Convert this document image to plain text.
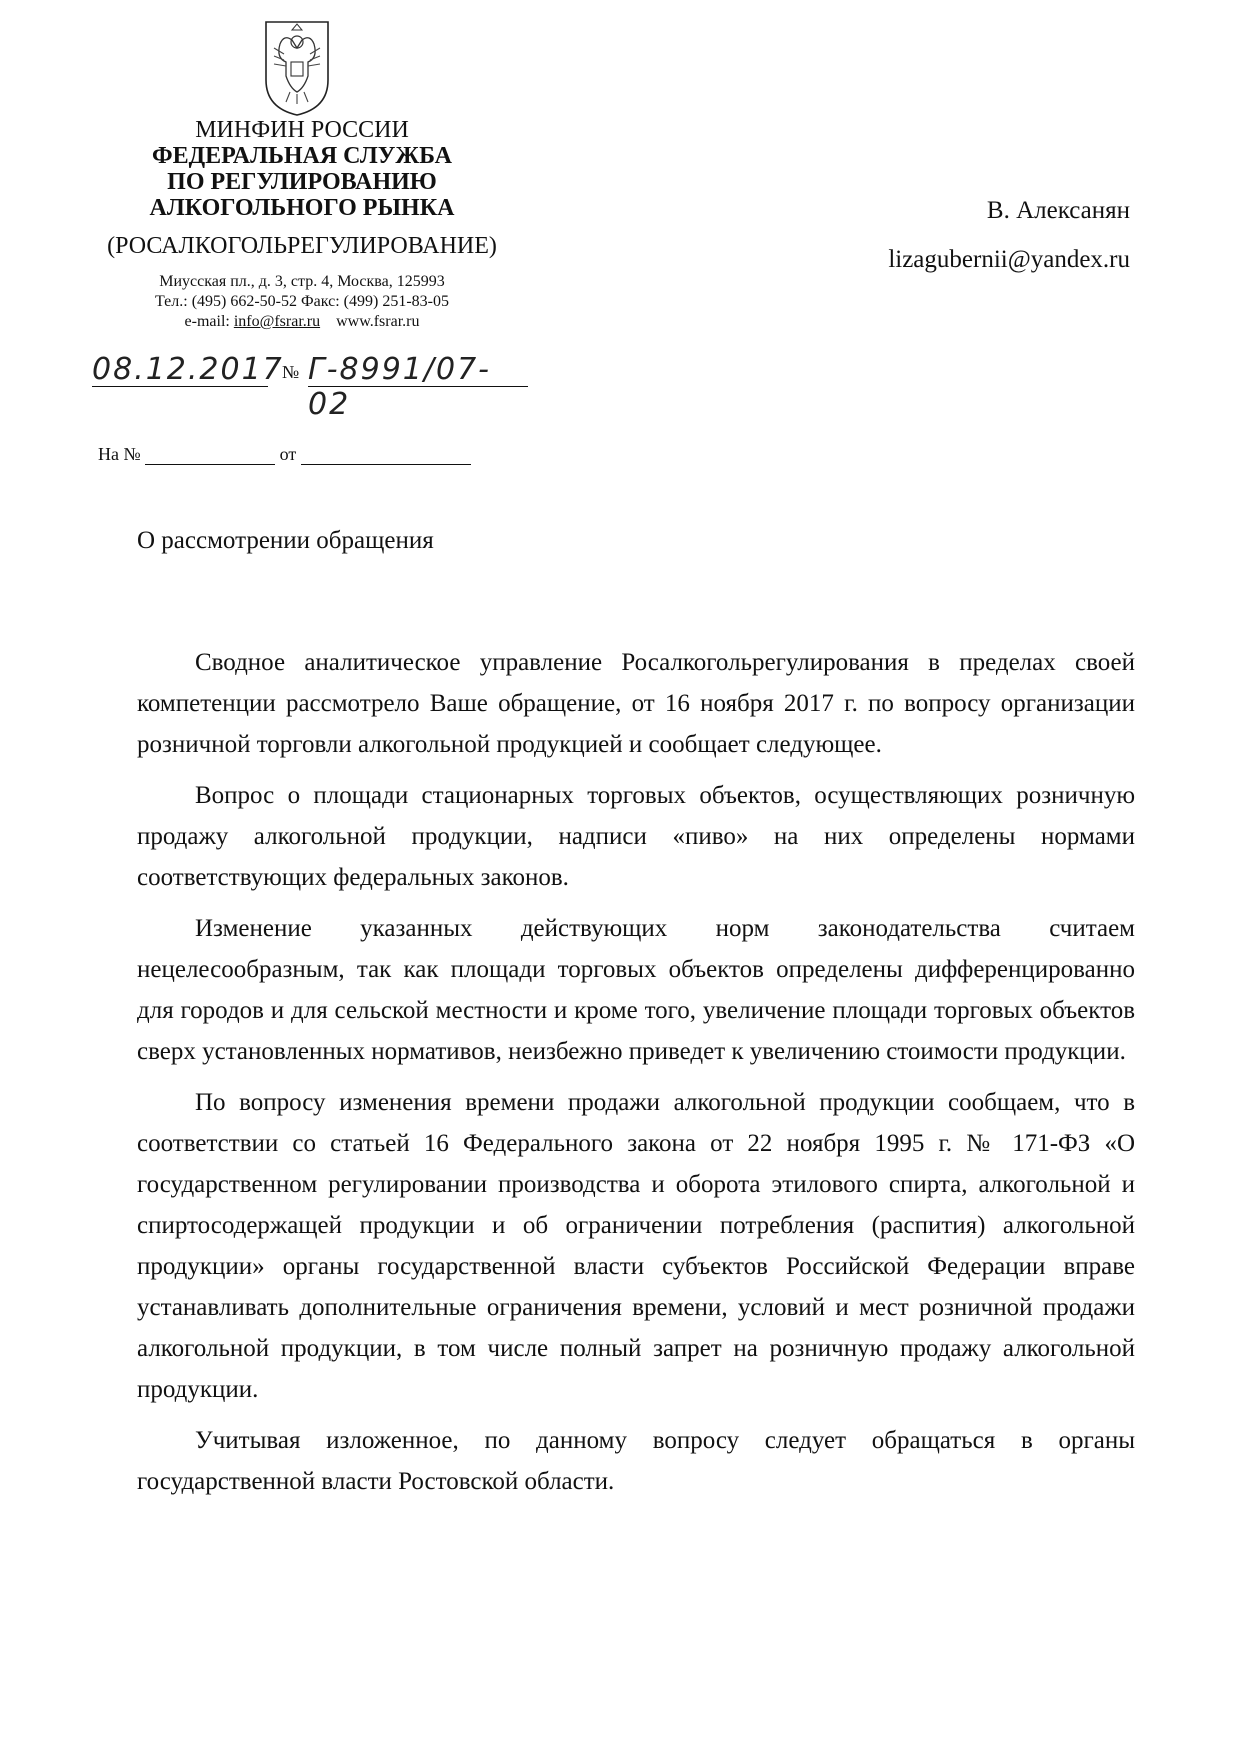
МИНФИН РОССИИ
ФЕДЕРАЛЬНАЯ СЛУЖБА
ПО РЕГУЛИРОВАНИЮ
АЛКОГОЛЬНОГО РЫНКА
(РОСАЛКОГОЛЬРЕГУЛИРОВАНИЕ)
Миусская пл., д. 3, стр. 4, Москва, 125993
Тел.: (495) 662-50-52 Факс: (499) 251-83-05
e-mail: info@fsrar.ru www.fsrar.ru
08.12.2017
№ Г-8991/07-02
На №	от
В. Алексанян
lizagubernii@yandex.ru
О рассмотрении обращения

Сводное аналитическое управление Росалкогольрегулирования в пределах своей компетенции рассмотрело Ваше обращение, от 16 ноября 2017 г. по вопросу организации розничной торговли алкогольной продукцией и сообщает следующее.

Вопрос о площади стационарных торговых объектов, осуществляющих розничную продажу алкогольной продукции, надписи «пиво» на них определены нормами соответствующих федеральных законов.

Изменение указанных действующих норм законодательства считаем нецелесообразным, так как площади торговых объектов определены дифференцированно для городов и для сельской местности и кроме того, увеличение площади торговых объектов сверх установленных нормативов, неизбежно приведет к увеличению стоимости продукции.

По вопросу изменения времени продажи алкогольной продукции сообщаем, что в соответствии со статьей 16 Федерального закона от 22 ноября 1995 г. № 171-ФЗ «О государственном регулировании производства и оборота этилового спирта, алкогольной и спиртосодержащей продукции и об ограничении потребления (распития) алкогольной продукции» органы государственной власти субъектов Российской Федерации вправе устанавливать дополнительные ограничения времени, условий и мест розничной продажи алкогольной продукции, в том числе полный запрет на розничную продажу алкогольной продукции.

Учитывая изложенное, по данному вопросу следует обращаться в органы государственной власти Ростовской области.
